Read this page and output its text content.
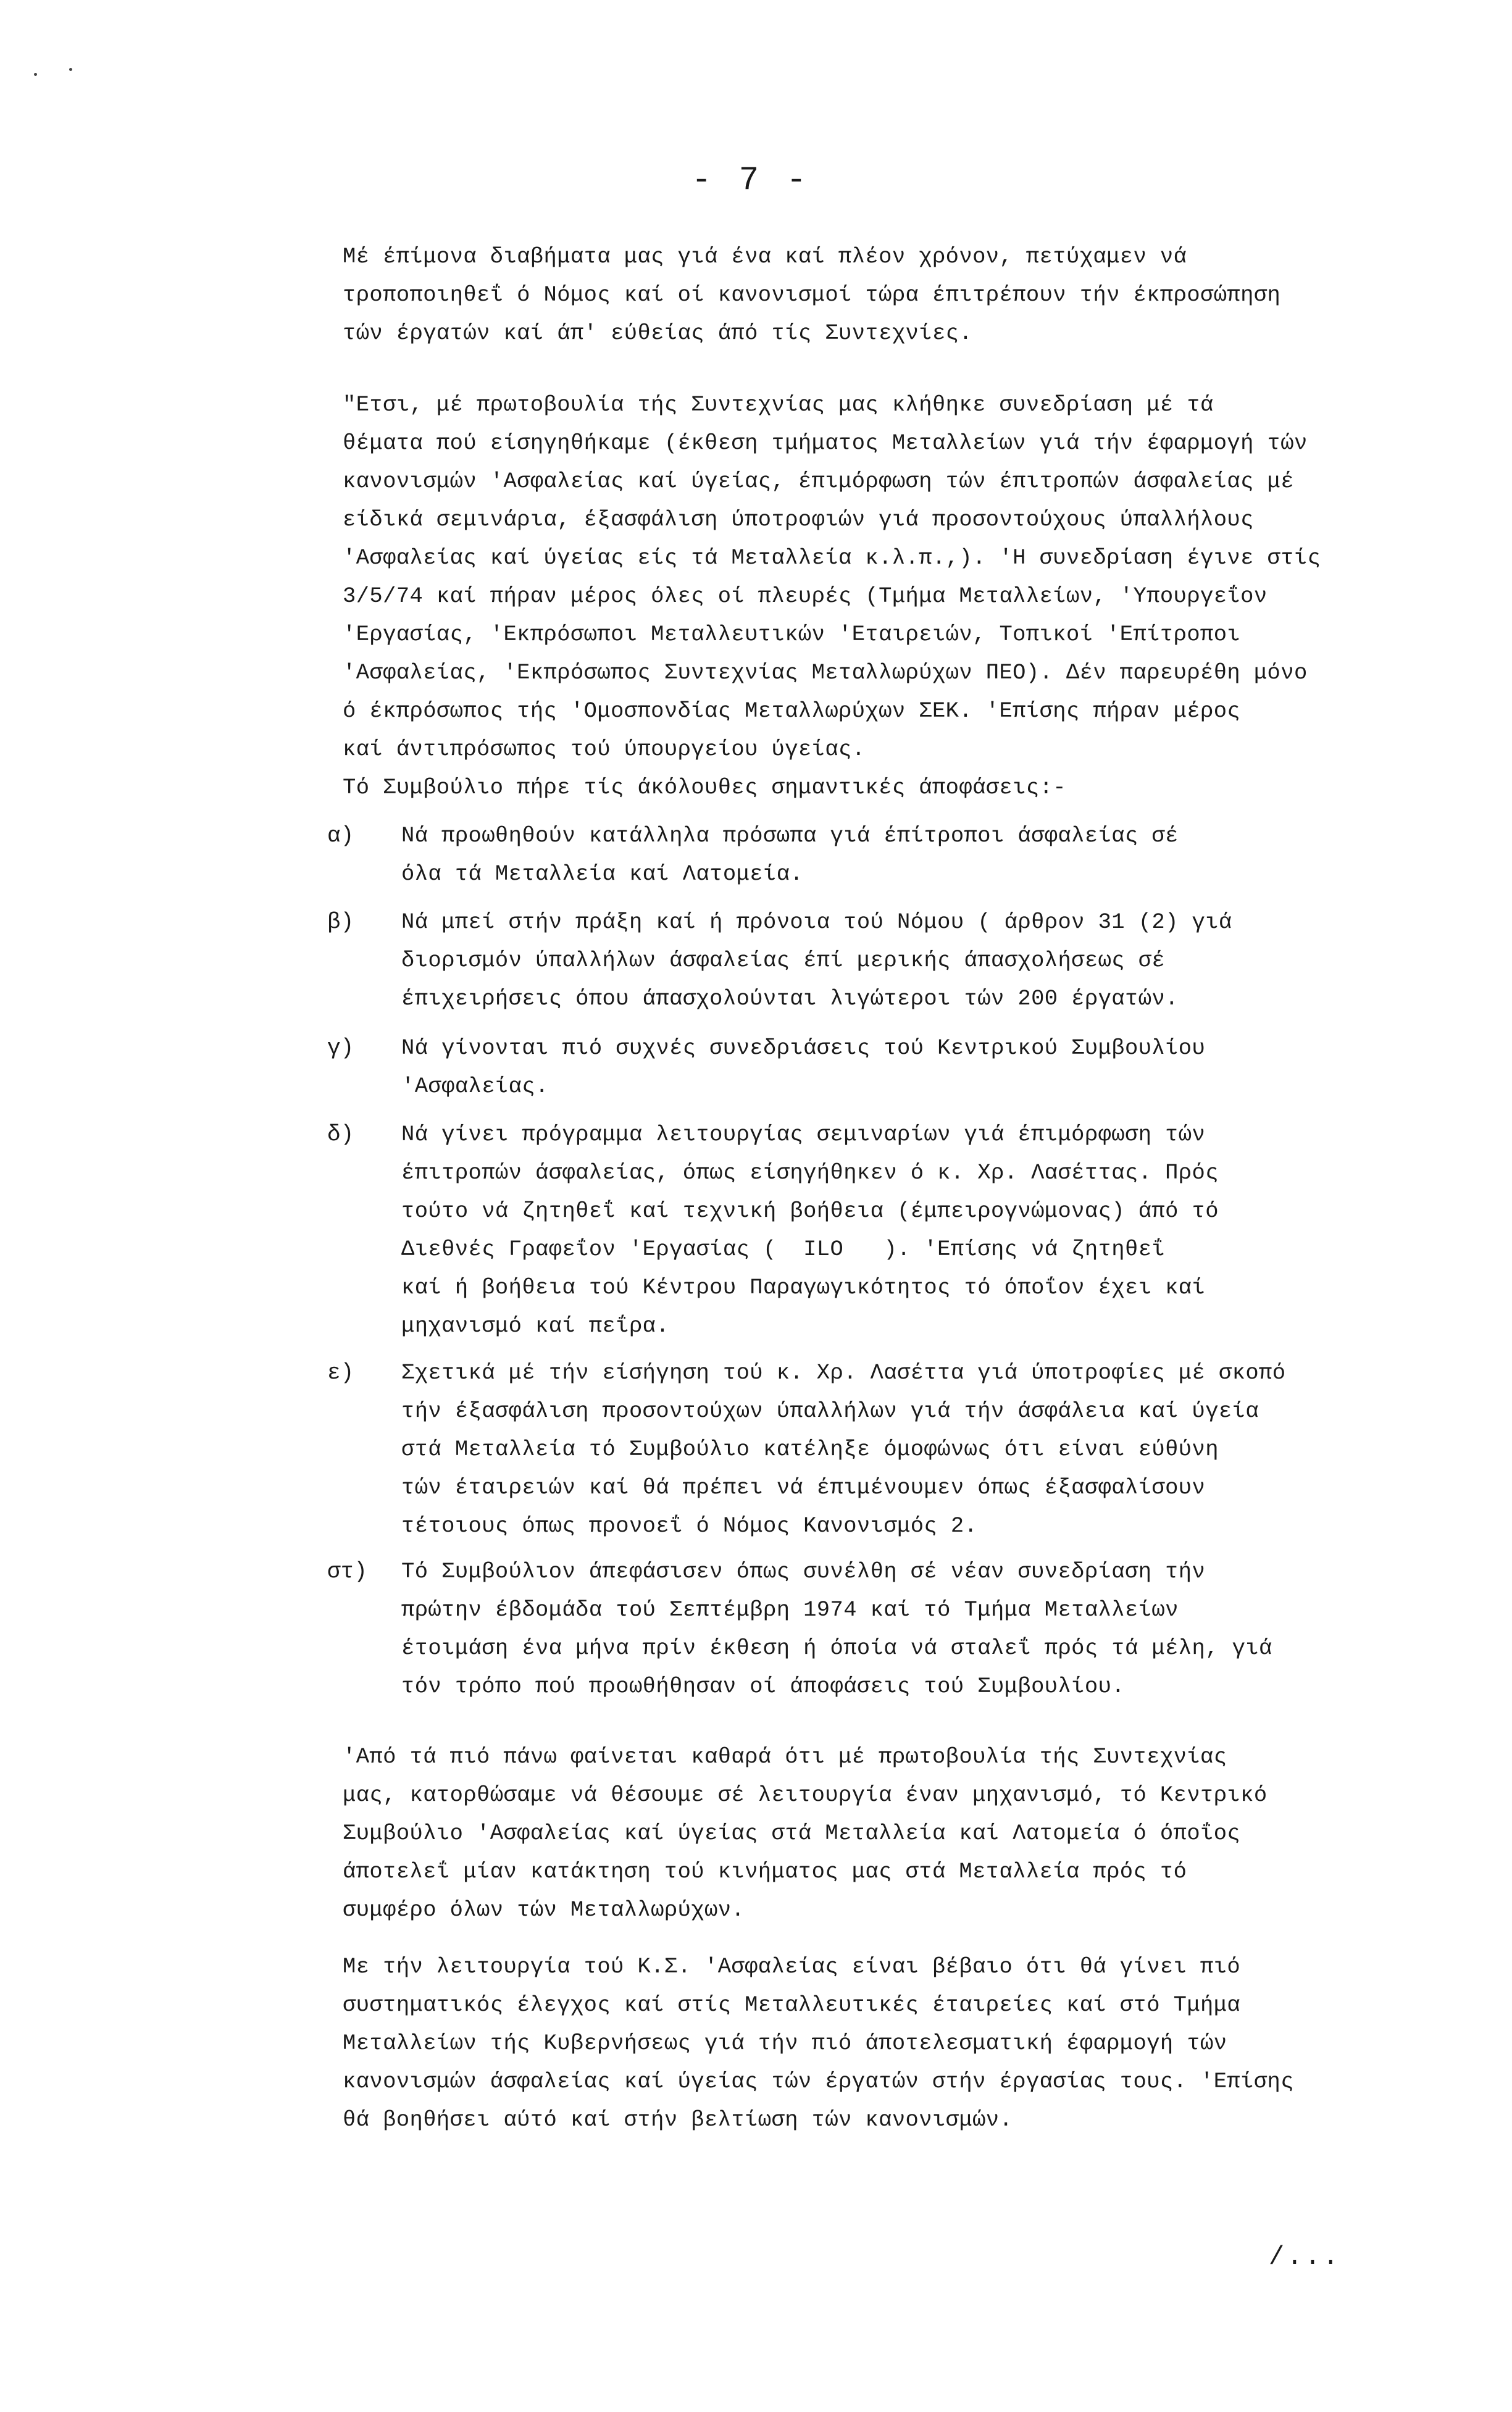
- 7 -
Μέ έπίμονα διαβήματα μας γιά ένα καί πλέον χρόνον, πετύχαμεν νά
τροποποιηθεΐ ό Νόμος καί οί κανονισμοί τώρα έπιτρέπουν τήν έκπροσώπηση
τών έργατών καί άπ' εύθείας άπό τίς Συντεχνίες.
"Ετσι, μέ πρωτοβουλία τής Συντεχνίας μας κλήθηκε συνεδρίαση μέ τά
θέματα πού είσηγηθήκαμε (έκθεση τμήματος Μεταλλείων γιά τήν έφαρμογή τών
κανονισμών 'Ασφαλείας καί ύγείας, έπιμόρφωση τών έπιτροπών άσφαλείας μέ
είδικά σεμινάρια, έξασφάλιση ύποτροφιών γιά προσοντούχους ύπαλλήλους
'Ασφαλείας καί ύγείας είς τά Μεταλλεία κ.λ.π.,). 'Η συνεδρίαση έγινε στίς
3/5/74 καί πήραν μέρος όλες οί πλευρές (Τμήμα Μεταλλείων, 'Υπουργεΐον
'Εργασίας, 'Εκπρόσωποι Μεταλλευτικών 'Εταιρειών, Τοπικοί 'Επίτροποι
'Ασφαλείας, 'Εκπρόσωπος Συντεχνίας Μεταλλωρύχων ΠΕΟ). Δέν παρευρέθη μόνο
ό έκπρόσωπος τής 'Ομοσπονδίας Μεταλλωρύχων ΣΕΚ. 'Επίσης πήραν μέρος
καί άντιπρόσωπος τού ύπουργείου ύγείας.
Τό Συμβούλιο πήρε τίς άκόλουθες σημαντικές άποφάσεις:-
α)	Νά προωθηθούν κατάλληλα πρόσωπα γιά έπίτροποι άσφαλείας σέ
όλα τά Μεταλλεία καί Λατομεία.
β)	Νά μπεί στήν πράξη καί ή πρόνοια τού Νόμου ( άρθρον 31 (2) γιά
διορισμόν ύπαλλήλων άσφαλείας έπί μερικής άπασχολήσεως σέ
έπιχειρήσεις όπου άπασχολούνται λιγώτεροι τών 200 έργατών.
γ)	Νά γίνονται πιό συχνές συνεδριάσεις τού Κεντρικού Συμβουλίου
'Ασφαλείας.
δ)	Νά γίνει πρόγραμμα λειτουργίας σεμιναρίων γιά έπιμόρφωση τών
έπιτροπών άσφαλείας, όπως είσηγήθηκεν ό κ. Χρ. Λασέττας. Πρός
τούτο νά ζητηθεΐ καί τεχνική βοήθεια (έμπειρογνώμονας) άπό τό
Διεθνές Γραφεΐον 'Εργασίας (  ILO   ). 'Επίσης νά ζητηθεΐ
καί ή βοήθεια τού Κέντρου Παραγωγικότητος τό όποΐον έχει καί
μηχανισμό καί πεΐρα.
ε)	Σχετικά μέ τήν είσήγηση τού κ. Χρ. Λασέττα γιά ύποτροφίες μέ σκοπό
τήν έξασφάλιση προσοντούχων ύπαλλήλων γιά τήν άσφάλεια καί ύγεία
στά Μεταλλεία τό Συμβούλιο κατέληξε όμοφώνως ότι είναι εύθύνη
τών έταιρειών καί θά πρέπει νά έπιμένουμεν όπως έξασφαλίσουν
τέτοιους όπως προνοεΐ ό Νόμος Κανονισμός 2.
στ)	Τό Συμβούλιον άπεφάσισεν όπως συνέλθη σέ νέαν συνεδρίαση τήν
πρώτην έβδομάδα τού Σεπτέμβρη 1974 καί τό Τμήμα Μεταλλείων
έτοιμάση ένα μήνα πρίν έκθεση ή όποία νά σταλεΐ πρός τά μέλη, γιά
τόν τρόπο πού προωθήθησαν οί άποφάσεις τού Συμβουλίου.
'Από τά πιό πάνω φαίνεται καθαρά ότι μέ πρωτοβουλία τής Συντεχνίας
μας, κατορθώσαμε νά θέσουμε σέ λειτουργία έναν μηχανισμό, τό Κεντρικό
Συμβούλιο 'Ασφαλείας καί ύγείας στά Μεταλλεία καί Λατομεία ό όποΐος
άποτελεΐ μίαν κατάκτηση τού κινήματος μας στά Μεταλλεία πρός τό
συμφέρο όλων τών Μεταλλωρύχων.
Με τήν λειτουργία τού Κ.Σ. 'Ασφαλείας είναι βέβαιο ότι θά γίνει πιό
συστηματικός έλεγχος καί στίς Μεταλλευτικές έταιρείες καί στό Τμήμα
Μεταλλείων τής Κυβερνήσεως γιά τήν πιό άποτελεσματική έφαρμογή τών
κανονισμών άσφαλείας καί ύγείας τών έργατών στήν έργασίας τους. 'Επίσης
θά βοηθήσει αύτό καί στήν βελτίωση τών κανονισμών.
/...
